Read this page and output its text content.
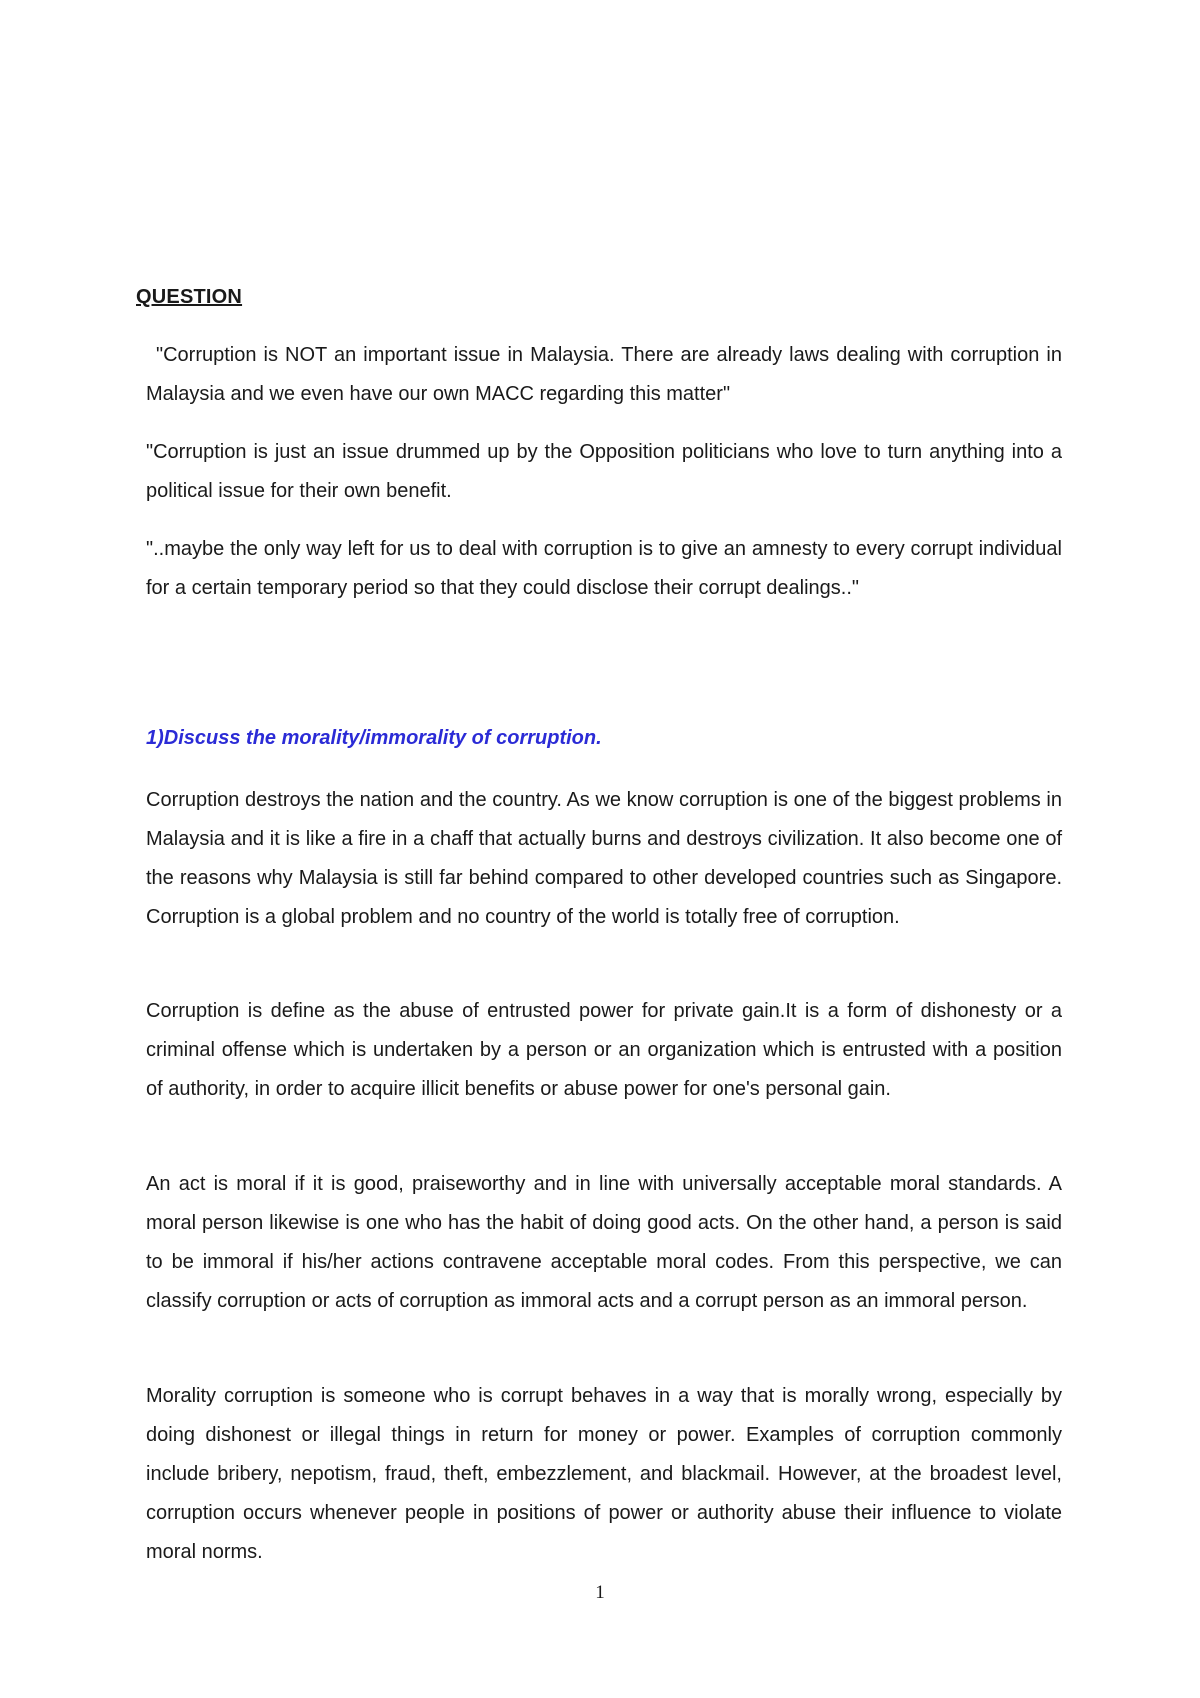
QUESTION

"Corruption is NOT an important issue in Malaysia. There are already laws dealing with corruption in Malaysia and we even have our own MACC regarding this matter"

"Corruption is just an issue drummed up by the Opposition politicians who love to turn anything into a political issue for their own benefit.

"..maybe the only way left for us to deal with corruption is to give an amnesty to every corrupt individual for a certain temporary period so that they could disclose their corrupt dealings.."

1)Discuss the morality/immorality of corruption.

Corruption destroys the nation and the country. As we know corruption is one of the biggest problems in Malaysia and it is like a fire in a chaff that actually burns and destroys civilization. It also become one of the reasons why Malaysia is still far behind compared to other developed countries such as Singapore. Corruption is a global problem and no country of the world is totally free of corruption.

Corruption is define as the abuse of entrusted power for private gain.It is a form of dishonesty or a criminal offense which is undertaken by a person or an organization which is entrusted with a position of authority, in order to acquire illicit benefits or abuse power for one's personal gain.

An act is moral if it is good, praiseworthy and in line with universally acceptable moral standards. A moral person likewise is one who has the habit of doing good acts. On the other hand, a person is said to be immoral if his/her actions contravene acceptable moral codes. From this perspective, we can classify corruption or acts of corruption as immoral acts and a corrupt person as an immoral person.

Morality corruption is someone who is corrupt behaves in a way that is morally wrong, especially by doing dishonest or illegal things in return for money or power. Examples of corruption commonly include bribery, nepotism, fraud, theft, embezzlement, and blackmail. However, at the broadest level, corruption occurs whenever people in positions of power or authority abuse their influence to violate moral norms.

1
